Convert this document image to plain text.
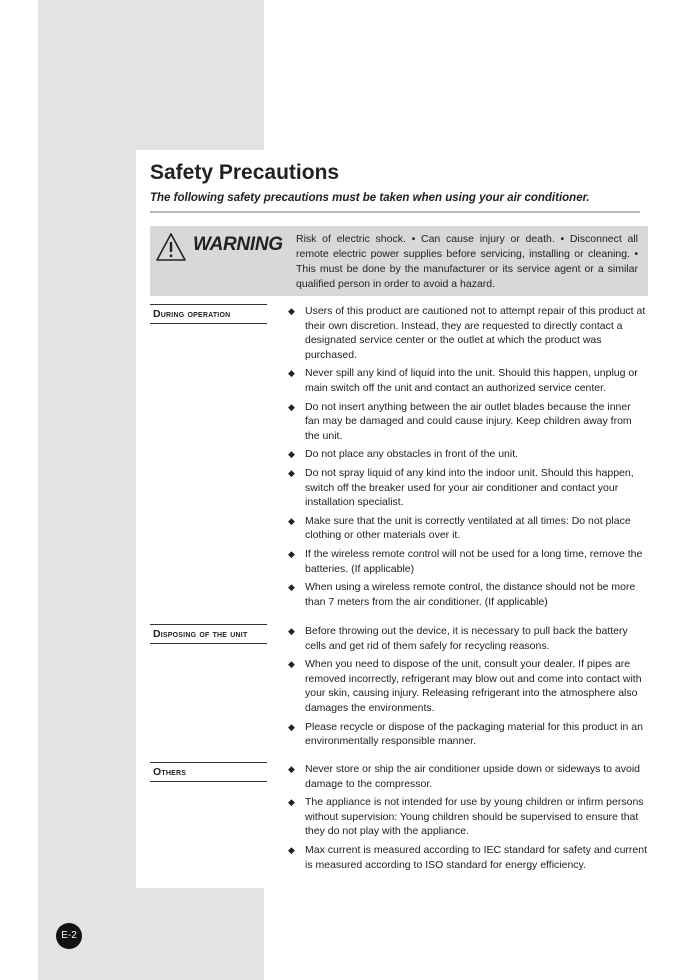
Safety Precautions
The following safety precautions must be taken when using your air conditioner.
WARNING Risk of electric shock. • Can cause injury or death. • Disconnect all remote electric power supplies before servicing, installing or cleaning. • This must be done by the manufacturer or its service agent or a similar qualified person in order to avoid a hazard.
During operation	◆ Users of this product are cautioned not to attempt repair of this product at their own discretion. Instead, they are requested to directly contact a designated service center or the outlet at which the product was purchased.
◆ Never spill any kind of liquid into the unit. Should this happen, unplug or main switch off the unit and contact an authorized service center.
◆ Do not insert anything between the air outlet blades because the inner fan may be damaged and could cause injury. Keep children away from the unit.
◆ Do not place any obstacles in front of the unit.
◆ Do not spray liquid of any kind into the indoor unit. Should this happen, switch off the breaker used for your air conditioner and contact your installation specialist.
◆ Make sure that the unit is correctly ventilated at all times: Do not place clothing or other materials over it.
◆ If the wireless remote control will not be used for a long time, remove the batteries. (If applicable)
◆ When using a wireless remote control, the distance should not be more than 7 meters from the air conditioner. (If applicable)
Disposing of the unit	◆ Before throwing out the device, it is necessary to pull back the battery cells and get rid of them safely for recycling reasons.
◆ When you need to dispose of the unit, consult your dealer. If pipes are removed incorrectly, refrigerant may blow out and come into contact with your skin, causing injury. Releasing refrigerant into the atmosphere also damages the environments.
◆ Please recycle or dispose of the packaging material for this product in an environmentally responsible manner.
Others	◆ Never store or ship the air conditioner upside down or sideways to avoid damage to the compressor.
◆ The appliance is not intended for use by young children or infirm persons without supervision: Young children should be supervised to ensure that they do not play with the appliance.
◆ Max current is measured according to IEC standard for safety and current is measured according to ISO standard for energy efficiency.
E-2
